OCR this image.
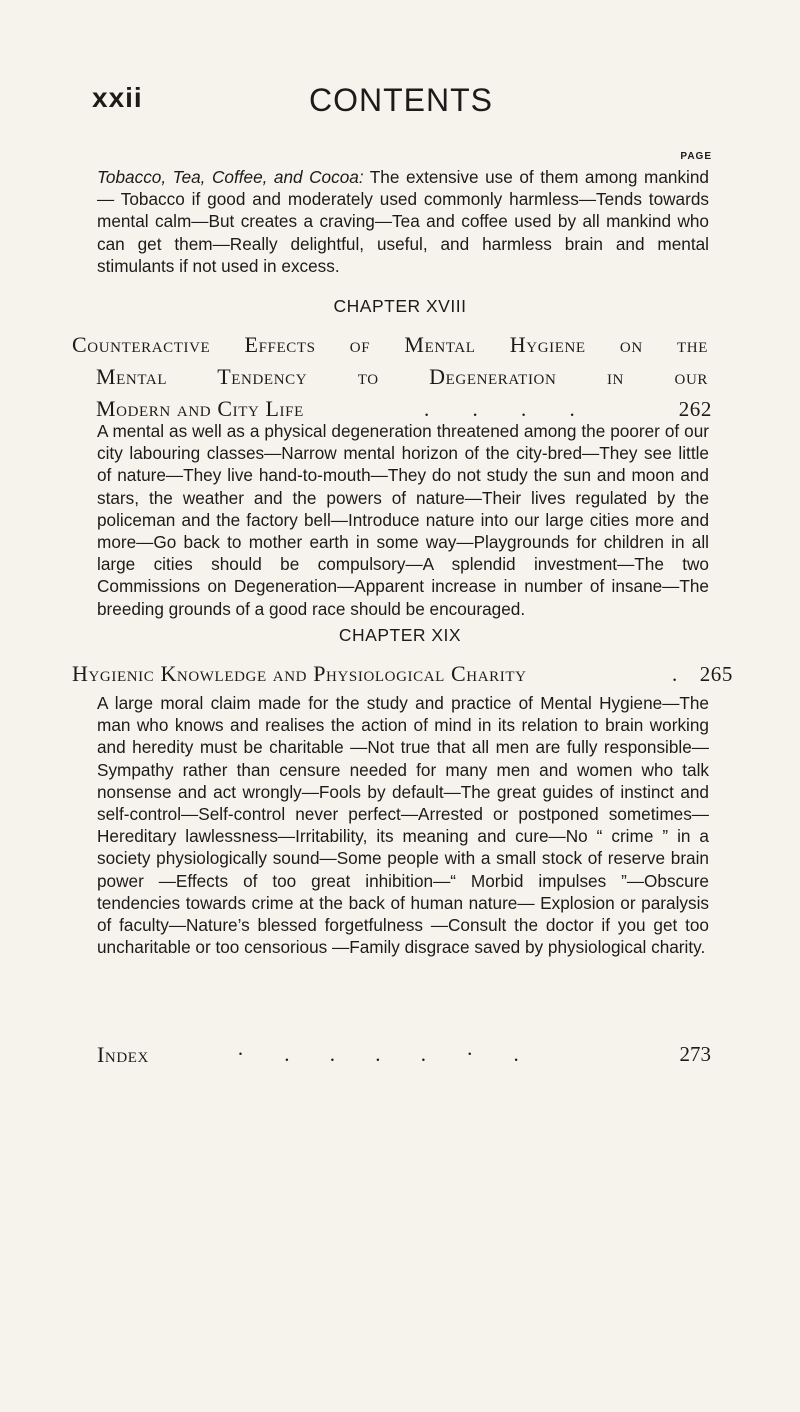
xxii	CONTENTS
PAGE

Tobacco, Tea, Coffee, and Cocoa: The extensive use of them among mankind — Tobacco if good and moderately used commonly harmless—Tends towards mental calm—But creates a craving—Tea and coffee used by all mankind who can get them—Really delightful, useful, and harmless brain and mental stimulants if not used in excess.

CHAPTER XVIII
Counteractive Effects of Mental Hygiene on the
Mental Tendency to Degeneration in our
Modern and City Life	. . . .	262

A mental as well as a physical degeneration threatened among the poorer of our city labouring classes—Narrow mental horizon of the city-bred—They see little of nature—They live hand-to-mouth—They do not study the sun and moon and stars, the weather and the powers of nature—Their lives regulated by the policeman and the factory bell—Introduce nature into our large cities more and more—Go back to mother earth in some way—Playgrounds for children in all large cities should be compulsory—A splendid investment—The two Commissions on Degeneration—Apparent increase in number of insane—The breeding grounds of a good race should be encouraged.

CHAPTER XIX
Hygienic Knowledge and Physiological Charity	. 265

A large moral claim made for the study and practice of Mental Hygiene—The man who knows and realises the action of mind in its relation to brain working and heredity must be charitable —Not true that all men are fully responsible—Sympathy rather than censure needed for many men and women who talk nonsense and act wrongly—Fools by default—The great guides of instinct and self-control—Self-control never perfect—Arrested or postponed sometimes—Hereditary lawlessness—Irritability, its meaning and cure—No “ crime ” in a society physiologically sound—Some people with a small stock of reserve brain power —Effects of too great inhibition—“ Morbid impulses ”—Obscure tendencies towards crime at the back of human nature— Explosion or paralysis of faculty—Nature’s blessed forgetfulness —Consult the doctor if you get too uncharitable or too censorious —Family disgrace saved by physiological charity.

Index	· . . . . · .	273
